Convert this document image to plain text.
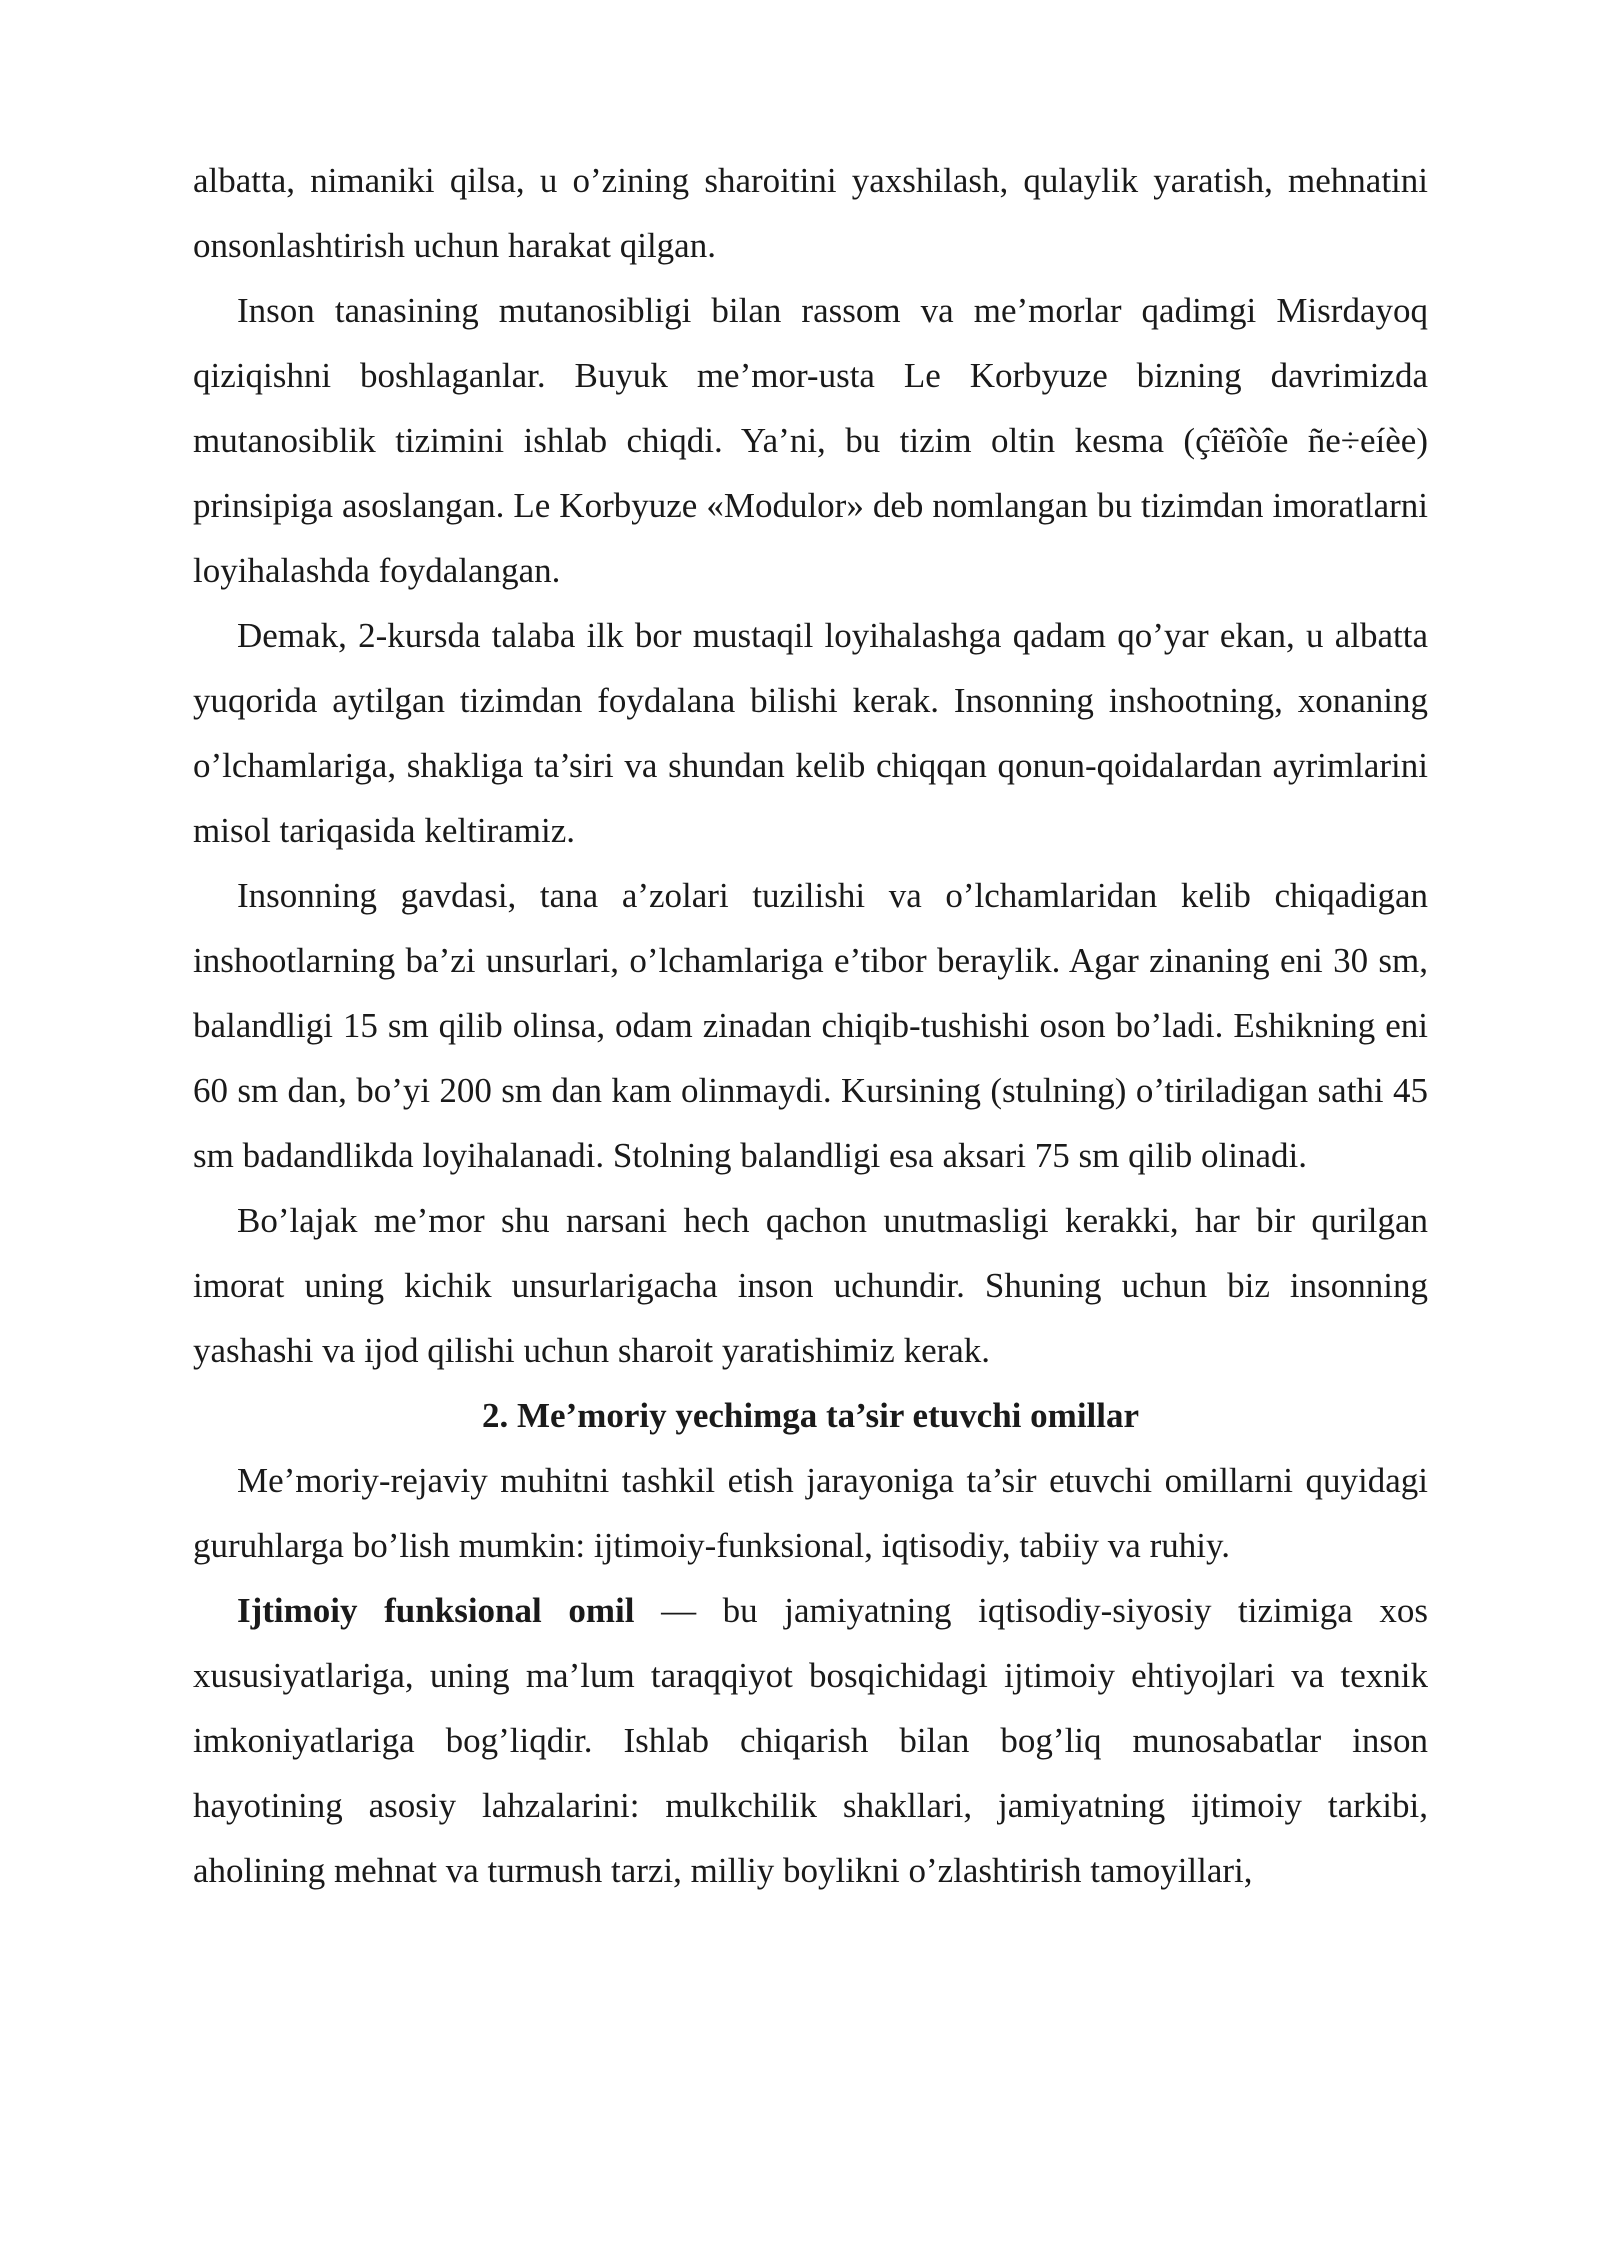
albatta, nimaniki qilsa, u o’zining sharoitini yaxshilash, qulaylik yaratish, mehnatini onsonlashtirish uchun harakat qilgan.

Inson tanasining mutanosibligi bilan rassom va me’morlar qadimgi Misrdayoq qiziqishni boshlaganlar. Buyuk me’mor-usta Le Korbyuze bizning davrimizda mutanosiblik tizimini ishlab chiqdi. Ya’ni, bu tizim oltin kesma (çîëîòîe ñe÷eíèe) prinsipiga asoslangan. Le Korbyuze «Modulor» deb nomlangan bu tizimdan imoratlarni loyihalashda foydalangan.

Demak, 2-kursda talaba ilk bor mustaqil loyihalashga qadam qo’yar ekan, u albatta yuqorida aytilgan tizimdan foydalana bilishi kerak. Insonning inshootning, xonaning o’lchamlariga, shakliga ta’siri va shundan kelib chiqqan qonun-qoidalardan ayrimlarini misol tariqasida keltiramiz.

Insonning gavdasi, tana a’zolari tuzilishi va o’lchamlaridan kelib chiqadigan inshootlarning ba’zi unsurlari, o’lchamlariga e’tibor beraylik. Agar zinaning eni 30 sm, balandligi 15 sm qilib olinsa, odam zinadan chiqib-tushishi oson bo’ladi. Eshikning eni 60 sm dan, bo’yi 200 sm dan kam olinmaydi. Kursining (stulning) o’tiriladigan sathi 45 sm badandlikda loyihalanadi. Stolning balandligi esa aksari 75 sm qilib olinadi.

Bo’lajak me’mor shu narsani hech qachon unutmasligi kerakki, har bir qurilgan imorat uning kichik unsurlarigacha inson uchundir. Shuning uchun biz insonning yashashi va ijod qilishi uchun sharoit yaratishimiz kerak.

2. Me’moriy yechimga ta’sir etuvchi omillar

Me’moriy-rejaviy muhitni tashkil etish jarayoniga ta’sir etuvchi omillarni quyidagi guruhlarga bo’lish mumkin: ijtimoiy-funksional, iqtisodiy, tabiiy va ruhiy.

Ijtimoiy funksional omil — bu jamiyatning iqtisodiy-siyosiy tizimiga xos xususiyatlariga, uning ma’lum taraqqiyot bosqichidagi ijtimoiy ehtiyojlari va texnik imkoniyatlariga bog’liqdir. Ishlab chiqarish bilan bog’liq munosabatlar inson hayotining asosiy lahzalarini: mulkchilik shakllari, jamiyatning ijtimoiy tarkibi, aholining mehnat va turmush tarzi, milliy boylikni o’zlashtirish tamoyillari,
